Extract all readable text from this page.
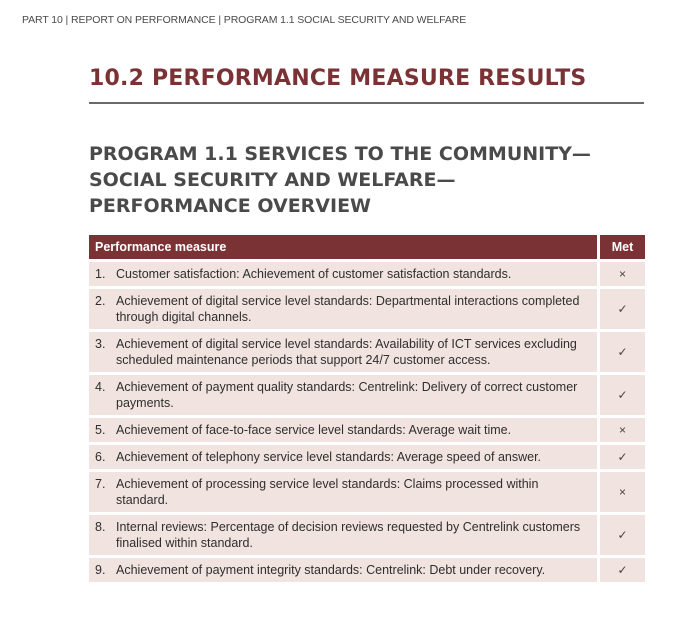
PART 10 | REPORT ON PERFORMANCE | PROGRAM 1.1 SOCIAL SECURITY AND WELFARE
10.2 PERFORMANCE MEASURE RESULTS
PROGRAM 1.1 SERVICES TO THE COMMUNITY—
SOCIAL SECURITY AND WELFARE—
PERFORMANCE OVERVIEW
Performance measure	Met

1. Customer satisfaction: Achievement of customer satisfaction standards.	×

2. Achievement of digital service level standards: Departmental interactions completed through digital channels.	✓

3. Achievement of digital service level standards: Availability of ICT services excluding scheduled maintenance periods that support 24/7 customer access.	✓

4. Achievement of payment quality standards: Centrelink: Delivery of correct customer payments.	✓

5. Achievement of face-to-face service level standards: Average wait time.	×

6. Achievement of telephony service level standards: Average speed of answer.	✓

7. Achievement of processing service level standards: Claims processed within standard.	×

8. Internal reviews: Percentage of decision reviews requested by Centrelink customers finalised within standard.	✓

9. Achievement of payment integrity standards: Centrelink: Debt under recovery.	✓
